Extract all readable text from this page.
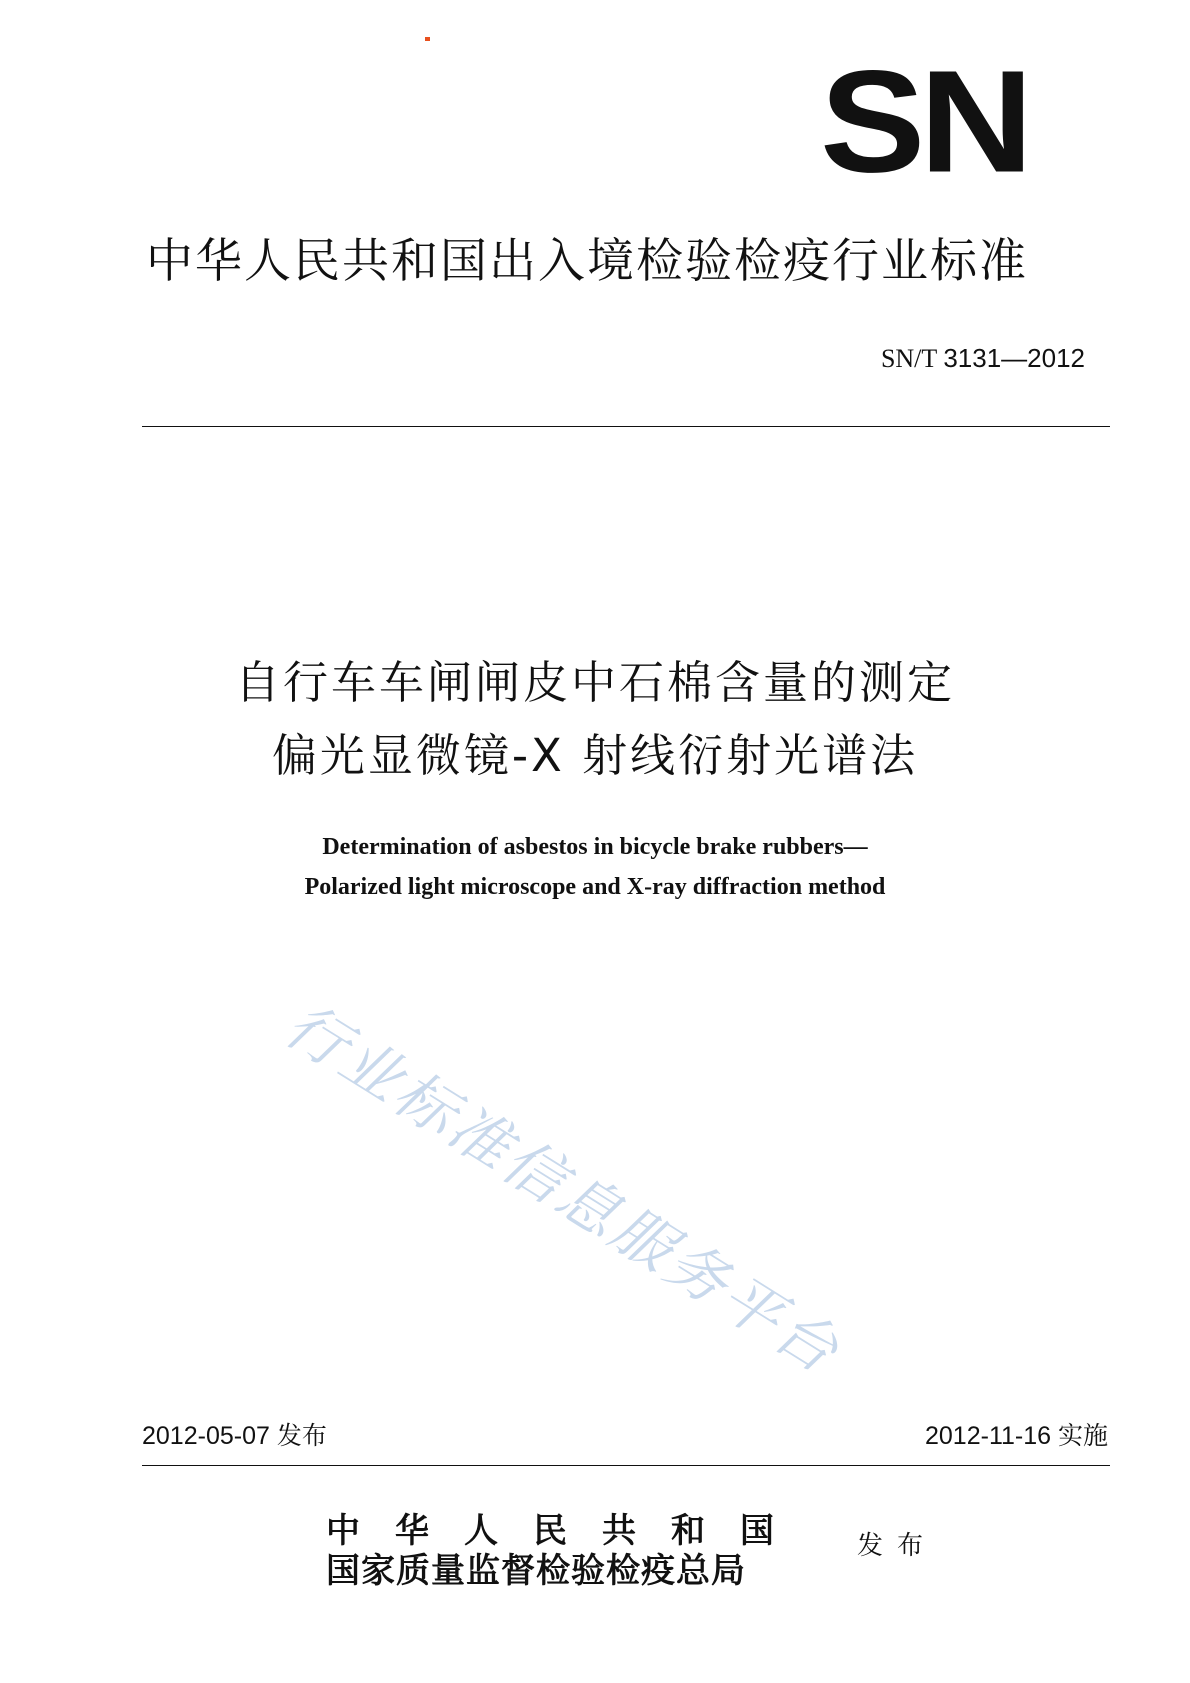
SN
中华人民共和国出入境检验检疫行业标准
SN/T 3131—2012
自行车车闸闸皮中石棉含量的测定
偏光显微镜-X 射线衍射光谱法
Determination of asbestos in bicycle brake rubbers—
Polarized light microscope and X-ray diffraction method
行业标准信息服务平台
2012-05-07 发布	2012-11-16 实施
中华人民共和国
国家质量监督检验检疫总局
发布
